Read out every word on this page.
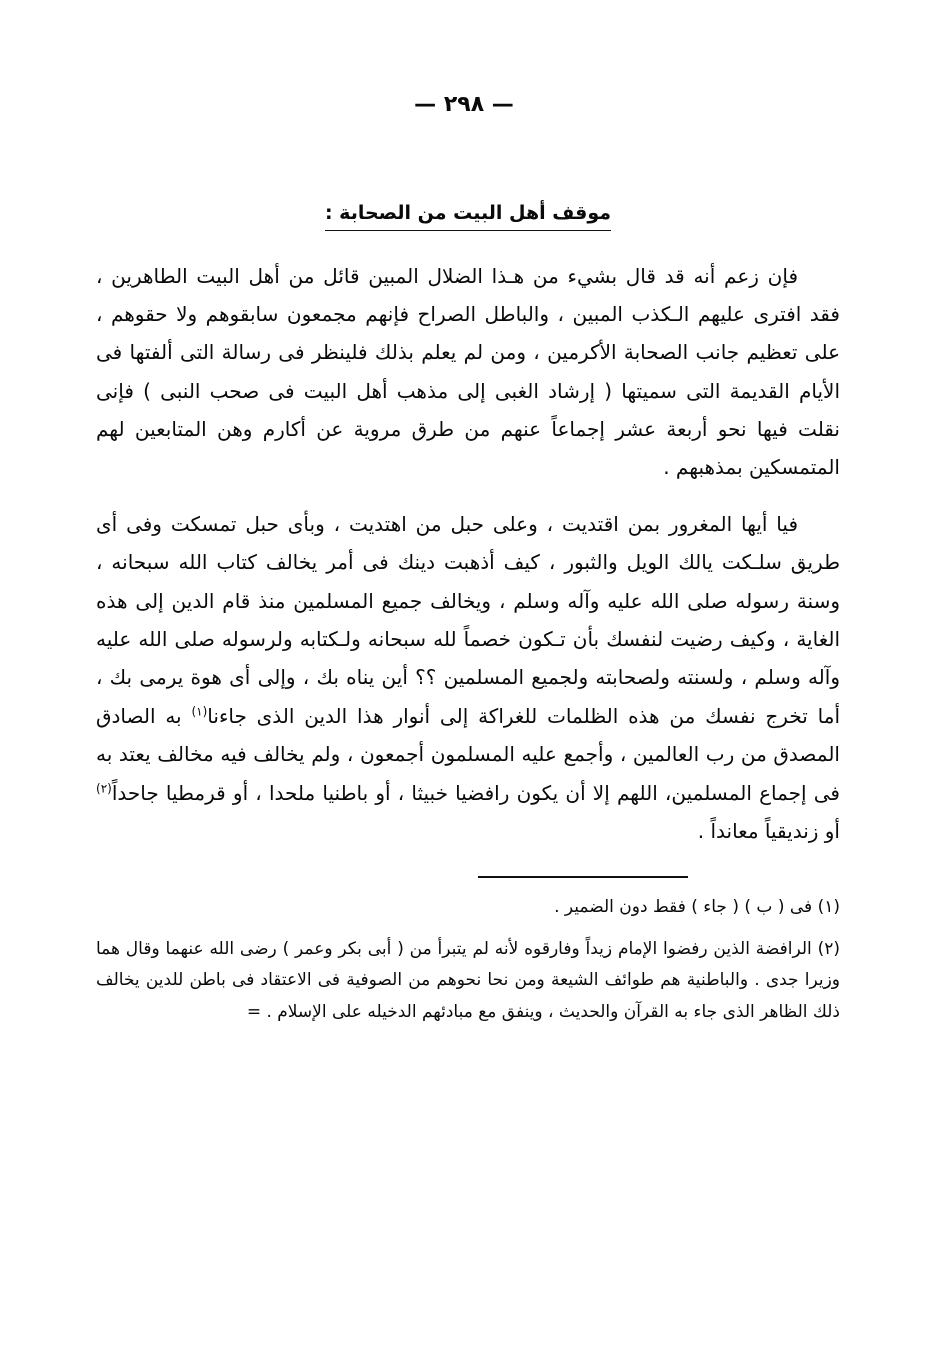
— ٢٩٨ —
موقف أهل البيت من الصحابة :

فإن زعم أنه قد قال بشيء من هـذا الضلال المبين قائل من أهل البيت الطاهرين ، فقد افترى عليهم الـكذب المبين ، والباطل الصراح فإنهم مجمعون سابقوهم ولا حقوهم ، على تعظيم جانب الصحابة الأكرمين ، ومن لم يعلم بذلك فلينظر فى رسالة التى ألفتها فى الأيام القديمة التى سميتها ( إرشاد الغبى إلى مذهب أهل البيت فى صحب النبى ) فإنى نقلت فيها نحو أربعة عشر إجماعاً عنهم من طرق مروية عن أكارم وهن المتابعين لهم المتمسكين بمذهبهم .

فيا أيها المغرور بمن اقتديت ، وعلى حبل من اهتديت ، وبأى حبل تمسكت وفى أى طريق سلـكت يالك الويل والثبور ، كيف أذهبت دينك فى أمر يخالف كتاب الله سبحانه ، وسنة رسوله صلى الله عليه وآله وسلم ، ويخالف جميع المسلمين منذ قام الدين إلى هذه الغاية ، وكيف رضيت لنفسك بأن تـكون خصماً لله سبحانه ولـكتابه ولرسوله صلى الله عليه وآله وسلم ، ولسنته ولصحابته ولجميع المسلمين ؟؟ أين يناه بك ، وإلى أى هوة يرمى بك ، أما تخرج نفسك من هذه الظلمات للغراكة إلى أنوار هذا الدين الذى جاءنا$^{(١)}$ به الصادق المصدق من رب العالمين ، وأجمع عليه المسلمون أجمعون ، ولم يخالف فيه مخالف يعتد به فى إجماع المسلمين، اللهم إلا أن يكون رافضيا خبيثا ، أو باطنيا ملحدا ، أو قرمطيا جاحداً$^{(٢)}$ أو زنديقياً معانداً .

(١) فى ( ب ) ( جاء ) فقط دون الضمير .

(٢) الرافضة الذين رفضوا الإمام زيداً وفارقوه لأنه لم يتبرأ من ( أبى بكر وعمر ) رضى الله عنهما وقال هما وزيرا جدى . والباطنية هم طوائف الشيعة ومن نحا نحوهم من الصوفية فى الاعتقاد فى باطن للدين يخالف ذلك الظاهر الذى جاء به القرآن والحديث ، وينفق مع مبادئهم الدخيله على الإسلام . =
